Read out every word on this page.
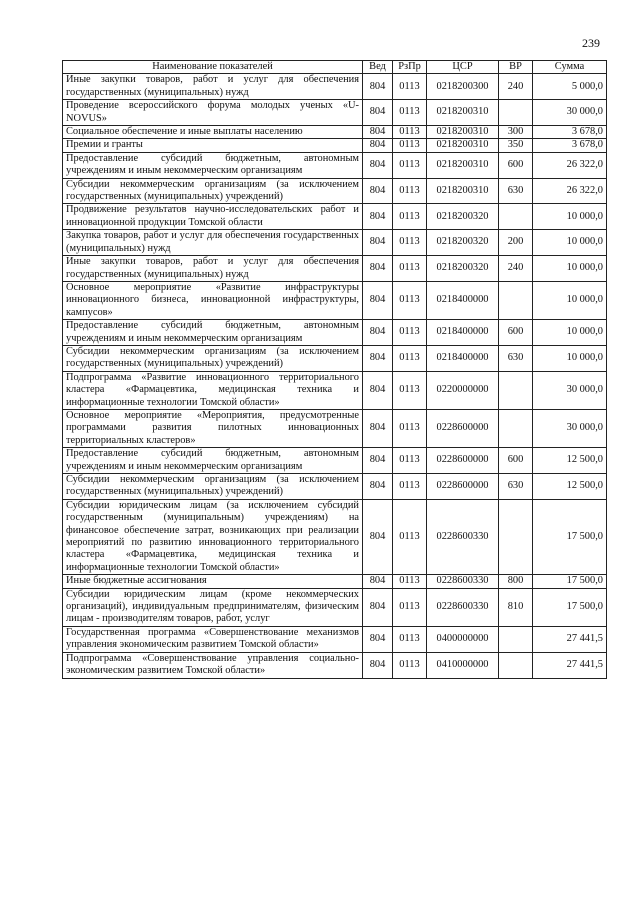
239
Наименование показателей	Вед	РзПр	ЦСР	ВР	Сумма
Иные закупки товаров, работ и услуг для обеспечения государственных (муниципальных) нужд	804	0113	0218200300	240	5 000,0
Проведение всероссийского форума молодых ученых «U-NOVUS»	804	0113	0218200310		30 000,0
Социальное обеспечение и иные выплаты населению	804	0113	0218200310	300	3 678,0
Премии и гранты	804	0113	0218200310	350	3 678,0
Предоставление субсидий бюджетным, автономным учреждениям и иным некоммерческим организациям	804	0113	0218200310	600	26 322,0
Субсидии некоммерческим организациям (за исключением государственных (муниципальных) учреждений)	804	0113	0218200310	630	26 322,0
Продвижение результатов научно-исследовательских работ и инновационной продукции Томской области	804	0113	0218200320		10 000,0
Закупка товаров, работ и услуг для обеспечения государственных (муниципальных) нужд	804	0113	0218200320	200	10 000,0
Иные закупки товаров, работ и услуг для обеспечения государственных (муниципальных) нужд	804	0113	0218200320	240	10 000,0
Основное мероприятие «Развитие инфраструктуры инновационного бизнеса, инновационной инфраструктуры, кампусов»	804	0113	0218400000		10 000,0
Предоставление субсидий бюджетным, автономным учреждениям и иным некоммерческим организациям	804	0113	0218400000	600	10 000,0
Субсидии некоммерческим организациям (за исключением государственных (муниципальных) учреждений)	804	0113	0218400000	630	10 000,0
Подпрограмма «Развитие инновационного территориального кластера «Фармацевтика, медицинская техника и информационные технологии Томской области»	804	0113	0220000000		30 000,0
Основное мероприятие «Мероприятия, предусмотренные программами развития пилотных инновационных территориальных кластеров»	804	0113	0228600000		30 000,0
Предоставление субсидий бюджетным, автономным учреждениям и иным некоммерческим организациям	804	0113	0228600000	600	12 500,0
Субсидии некоммерческим организациям (за исключением государственных (муниципальных) учреждений)	804	0113	0228600000	630	12 500,0
Субсидии юридическим лицам (за исключением субсидий государственным (муниципальным) учреждениям) на финансовое обеспечение затрат, возникающих при реализации мероприятий по развитию инновационного территориального кластера «Фармацевтика, медицинская техника и информационные технологии Томской области»	804	0113	0228600330		17 500,0
Иные бюджетные ассигнования	804	0113	0228600330	800	17 500,0
Субсидии юридическим лицам (кроме некоммерческих организаций), индивидуальным предпринимателям, физическим лицам - производителям товаров, работ, услуг	804	0113	0228600330	810	17 500,0
Государственная программа «Совершенствование механизмов управления экономическим развитием Томской области»	804	0113	0400000000		27 441,5
Подпрограмма «Совершенствование управления социально-экономическим развитием Томской области»	804	0113	0410000000		27 441,5
